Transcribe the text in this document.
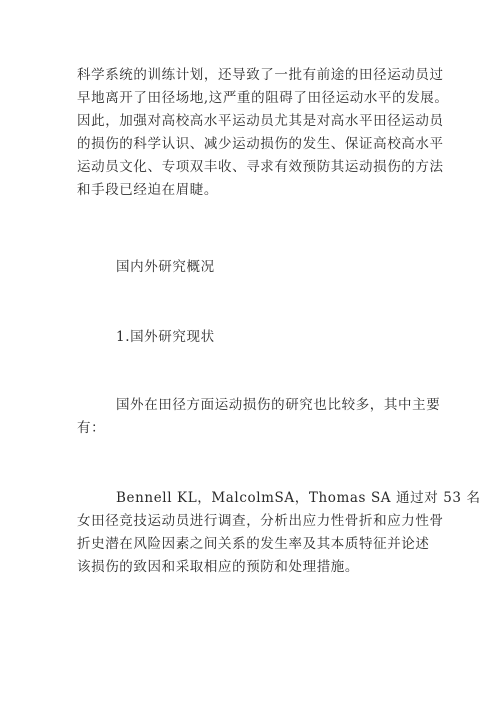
科学系统的训练计划，还导致了一批有前途的田径运动员过
早地离开了田径场地,这严重的阻碍了田径运动水平的发展。
因此，加强对高校高水平运动员尤其是对高水平田径运动员
的损伤的科学认识、减少运动损伤的发生、保证高校高水平
运动员文化、专项双丰收、寻求有效预防其运动损伤的方法
和手段已经迫在眉睫。

国内外研究概况

1.国外研究现状

国外在田径方面运动损伤的研究也比较多，其中主要
有：
Bennell KL，MalcolmSA，Thomas SA 通过对 53 名
女田径竞技运动员进行调查，分析出应力性骨折和应力性骨
折史潜在风险因素之间关系的发生率及其本质特征并论述
该损伤的致因和采取相应的预防和处理措施。
